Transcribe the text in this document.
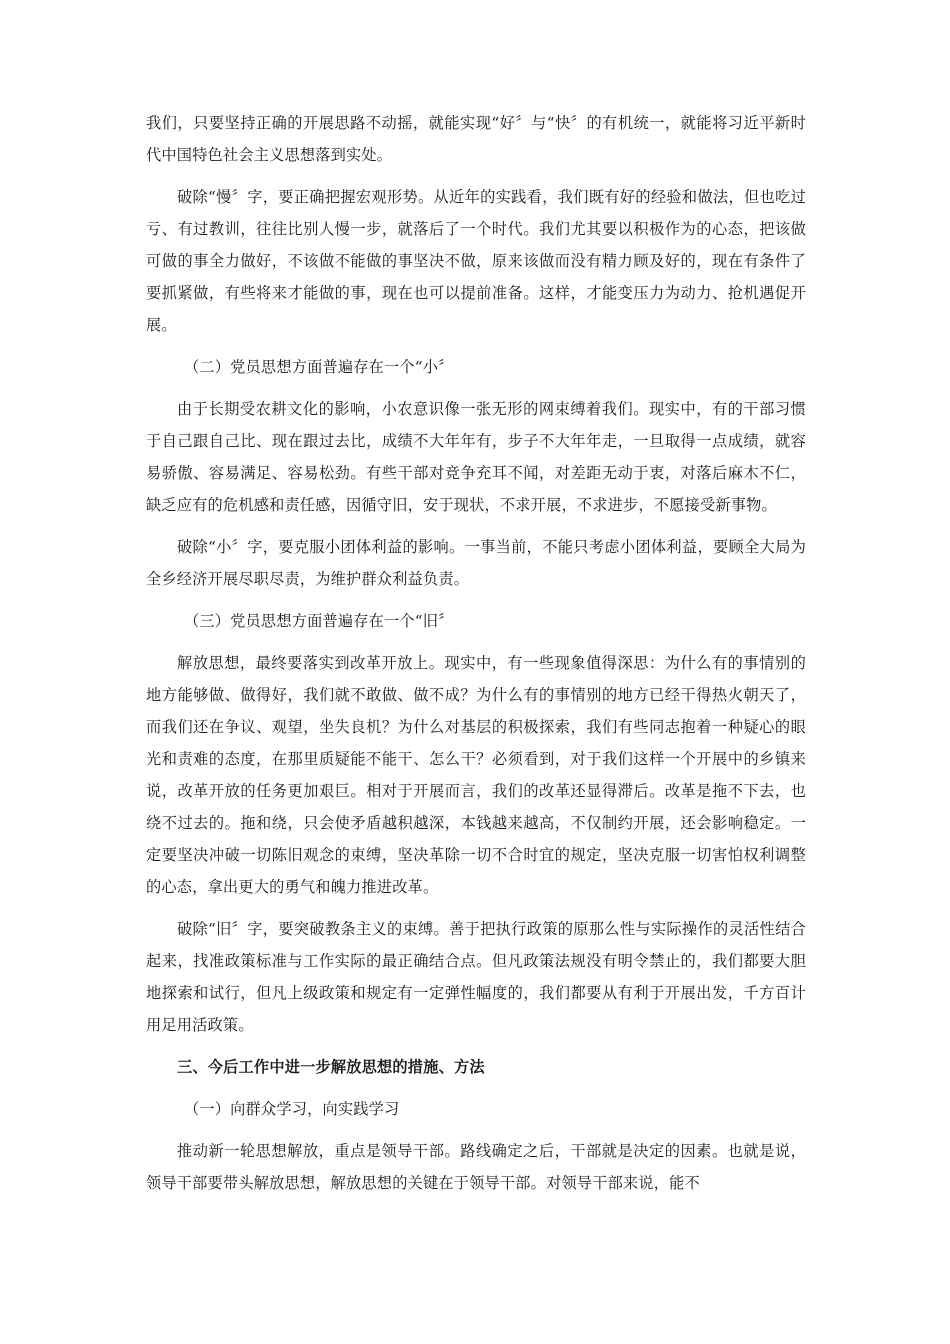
我们，只要坚持正确的开展思路不动摇，就能实现“好〞与“快〞的有机统一，就能将习近平新时代中国特色社会主义思想落到实处。

破除“慢〞字，要正确把握宏观形势。从近年的实践看，我们既有好的经验和做法，但也吃过亏、有过教训，往往比别人慢一步，就落后了一个时代。我们尤其要以积极作为的心态，把该做可做的事全力做好，不该做不能做的事坚决不做，原来该做而没有精力顾及好的，现在有条件了要抓紧做，有些将来才能做的事，现在也可以提前准备。这样，才能变压力为动力、抢机遇促开展。

（二）党员思想方面普遍存在一个“小〞

由于长期受农耕文化的影响，小农意识像一张无形的网束缚着我们。现实中，有的干部习惯于自己跟自己比、现在跟过去比，成绩不大年年有，步子不大年年走，一旦取得一点成绩，就容易骄傲、容易满足、容易松劲。有些干部对竞争充耳不闻，对差距无动于衷，对落后麻木不仁，缺乏应有的危机感和责任感，因循守旧，安于现状，不求开展，不求进步，不愿接受新事物。

破除“小〞字，要克服小团体利益的影响。一事当前，不能只考虑小团体利益，要顾全大局为全乡经济开展尽职尽责，为维护群众利益负责。

（三）党员思想方面普遍存在一个“旧〞

解放思想，最终要落实到改革开放上。现实中，有一些现象值得深思：为什么有的事情别的地方能够做、做得好，我们就不敢做、做不成？为什么有的事情别的地方已经干得热火朝天了，而我们还在争议、观望，坐失良机？为什么对基层的积极探索，我们有些同志抱着一种疑心的眼光和责难的态度，在那里质疑能不能干、怎么干？必须看到，对于我们这样一个开展中的乡镇来说，改革开放的任务更加艰巨。相对于开展而言，我们的改革还显得滞后。改革是拖不下去，也绕不过去的。拖和绕，只会使矛盾越积越深，本钱越来越高，不仅制约开展，还会影响稳定。一定要坚决冲破一切陈旧观念的束缚，坚决革除一切不合时宜的规定，坚决克服一切害怕权利调整的心态，拿出更大的勇气和魄力推进改革。

破除“旧〞字，要突破教条主义的束缚。善于把执行政策的原那么性与实际操作的灵活性结合起来，找准政策标准与工作实际的最正确结合点。但凡政策法规没有明令禁止的，我们都要大胆地探索和试行，但凡上级政策和规定有一定弹性幅度的，我们都要从有利于开展出发，千方百计用足用活政策。

三、今后工作中进一步解放思想的措施、方法

（一）向群众学习，向实践学习

推动新一轮思想解放，重点是领导干部。路线确定之后，干部就是决定的因素。也就是说，领导干部要带头解放思想，解放思想的关键在于领导干部。对领导干部来说，能不
